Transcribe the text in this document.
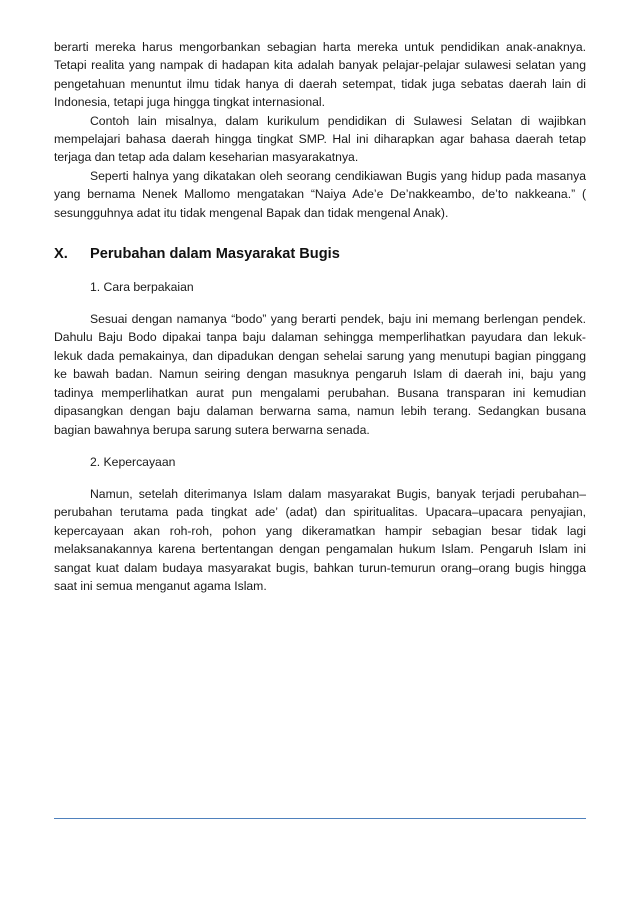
berarti mereka harus mengorbankan sebagian harta mereka untuk pendidikan anak-anaknya. Tetapi realita yang nampak di hadapan kita adalah banyak pelajar-pelajar sulawesi selatan yang pengetahuan menuntut ilmu tidak hanya di daerah setempat, tidak juga sebatas daerah lain di Indonesia, tetapi juga hingga tingkat internasional.

Contoh lain misalnya, dalam kurikulum pendidikan di Sulawesi Selatan di wajibkan mempelajari bahasa daerah hingga tingkat SMP. Hal ini diharapkan agar bahasa daerah tetap terjaga dan tetap ada dalam keseharian masyarakatnya.

Seperti halnya yang dikatakan oleh seorang cendikiawan Bugis yang hidup pada masanya yang bernama Nenek Mallomo mengatakan “Naiya Ade’e De’nakkeambo, de’to nakkeana.” ( sesungguhnya adat itu tidak mengenal Bapak dan tidak mengenal Anak).

X.	Perubahan dalam Masyarakat Bugis
1. Cara berpakaian

Sesuai dengan namanya “bodo” yang berarti pendek, baju ini memang berlengan pendek. Dahulu Baju Bodo dipakai tanpa baju dalaman sehingga memperlihatkan payudara dan lekuk-lekuk dada pemakainya, dan dipadukan dengan sehelai sarung yang menutupi bagian pinggang ke bawah badan. Namun seiring dengan masuknya pengaruh Islam di daerah ini, baju yang tadinya memperlihatkan aurat pun mengalami perubahan. Busana transparan ini kemudian dipasangkan dengan baju dalaman berwarna sama, namun lebih terang. Sedangkan busana bagian bawahnya berupa sarung sutera berwarna senada.

2. Kepercayaan

Namun, setelah diterimanya Islam dalam masyarakat Bugis, banyak terjadi perubahan–perubahan terutama pada tingkat ade’ (adat) dan spiritualitas. Upacara–upacara penyajian, kepercayaan akan roh-roh, pohon yang dikeramatkan hampir sebagian besar tidak lagi melaksanakannya karena bertentangan dengan pengamalan hukum Islam. Pengaruh Islam ini sangat kuat dalam budaya masyarakat bugis, bahkan turun-temurun orang–orang bugis hingga saat ini semua menganut agama Islam.
